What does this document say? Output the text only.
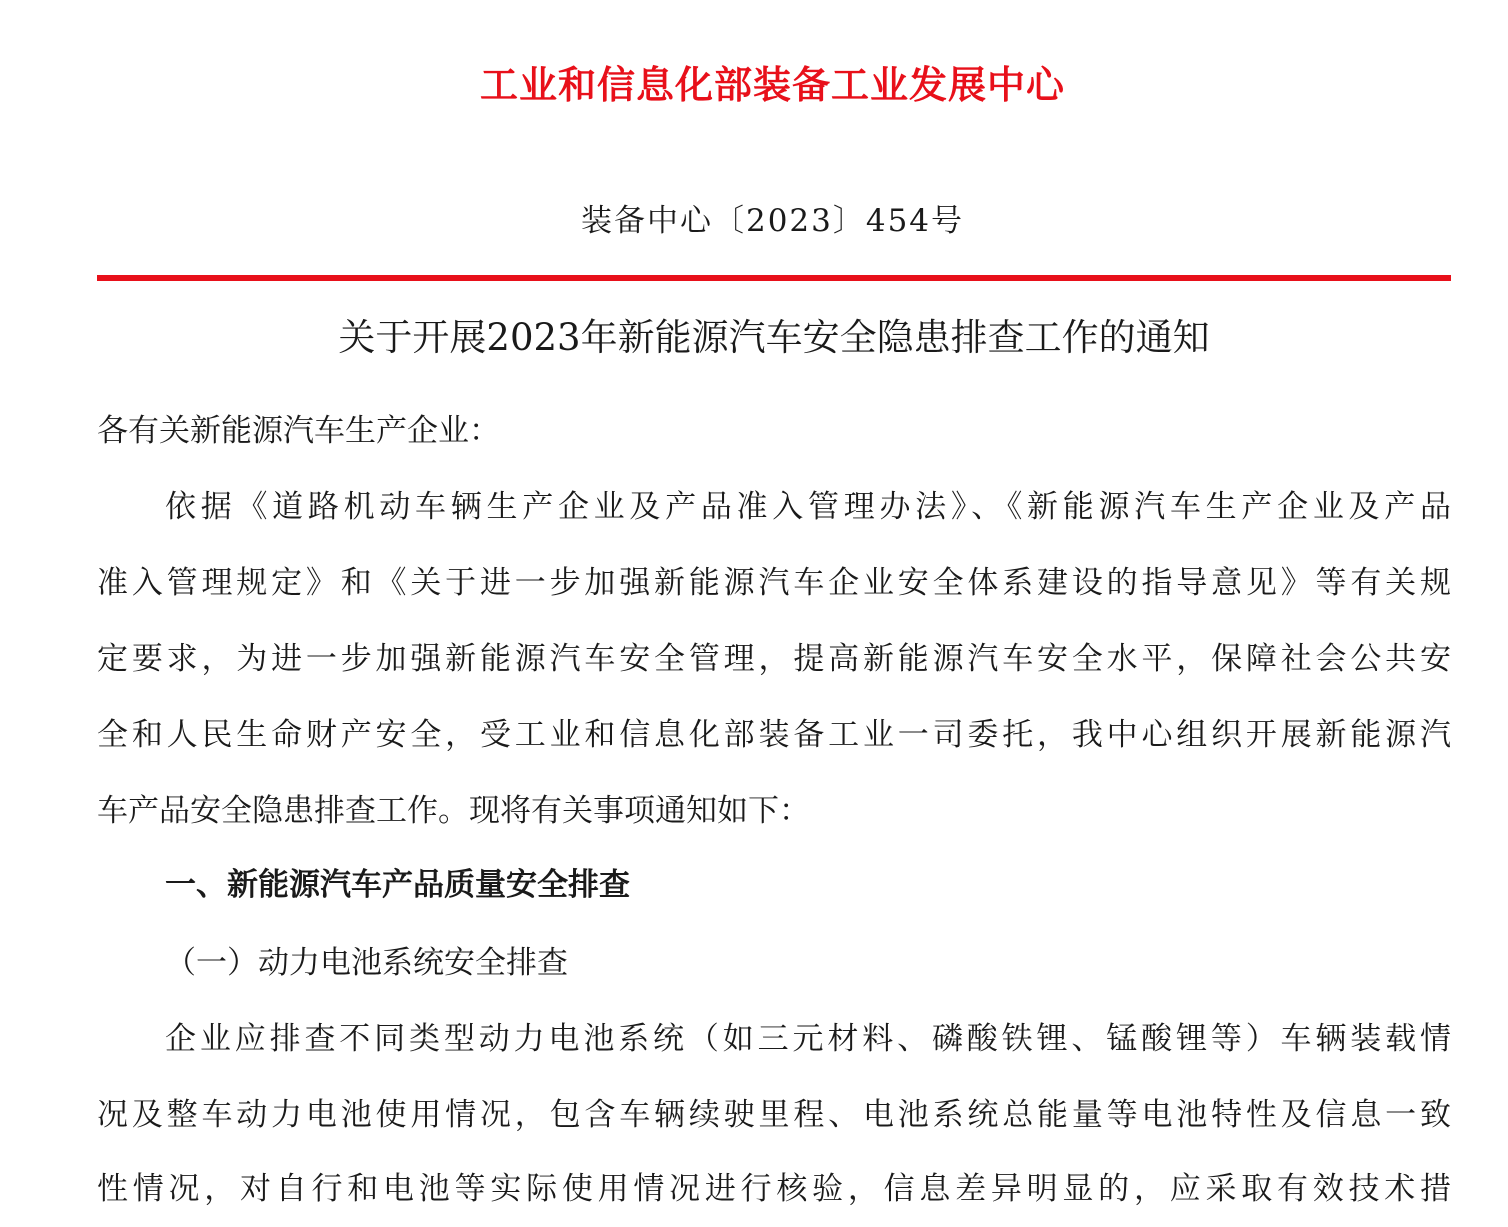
工业和信息化部装备工业发展中心
装备中心〔2023〕454号
关于开展2023年新能源汽车安全隐患排查工作的通知
各有关新能源汽车生产企业：
依据《道路机动车辆生产企业及产品准入管理办法》、《新能源汽车生产企业及产品
准入管理规定》和《关于进一步加强新能源汽车企业安全体系建设的指导意见》等有关规
定要求，为进一步加强新能源汽车安全管理，提高新能源汽车安全水平，保障社会公共安
全和人民生命财产安全，受工业和信息化部装备工业一司委托，我中心组织开展新能源汽
车产品安全隐患排查工作。现将有关事项通知如下：
一、新能源汽车产品质量安全排查
（一）动力电池系统安全排查
企业应排查不同类型动力电池系统（如三元材料、磷酸铁锂、锰酸锂等）车辆装载情
况及整车动力电池使用情况，包含车辆续驶里程、电池系统总能量等电池特性及信息一致
性情况，对自行和电池等实际使用情况进行核验，信息差异明显的，应采取有效技术措
